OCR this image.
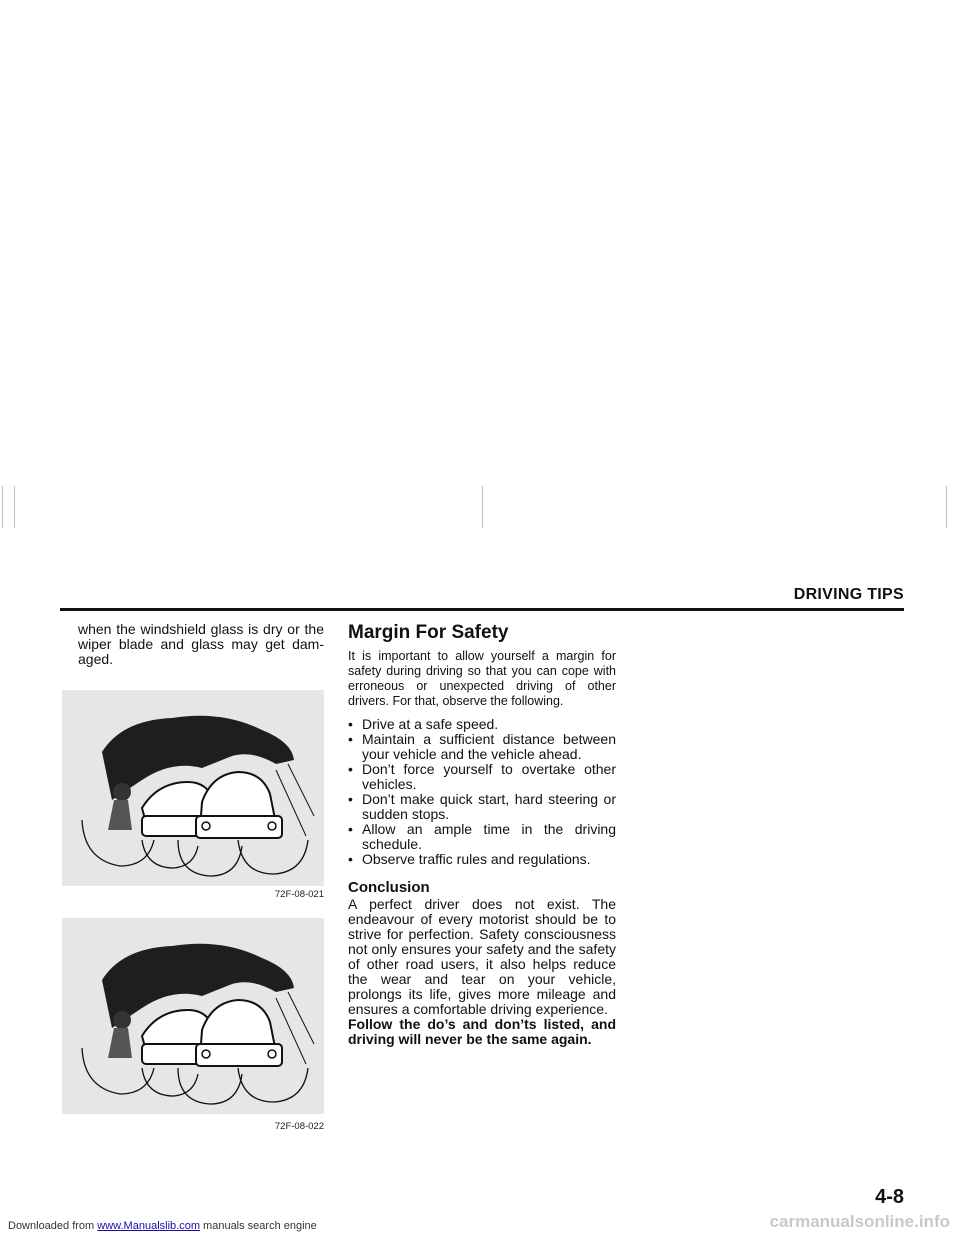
DRIVING TIPS

when the windshield glass is dry or the wiper blade and glass may get dam-aged.

72F-08-021
72F-08-022
Margin For Safety

It is important to allow yourself a margin for safety during driving so that you can cope with erroneous or unexpected driving of other drivers. For that, observe the following.

• Drive at a safe speed.
• Maintain a sufficient distance between your vehicle and the vehicle ahead.
• Don’t force yourself to overtake other vehicles.
• Don’t make quick start, hard steering or sudden stops.
• Allow an ample time in the driving schedule.
• Observe traffic rules and regulations.
Conclusion

A perfect driver does not exist. The endeavour of every motorist should be to strive for perfection. Safety consciousness not only ensures your safety and the safety of other road users, it also helps reduce the wear and tear on your vehicle, prolongs its life, gives more mileage and ensures a comfortable driving experience.

Follow the do’s and don’ts listed, and driving will never be the same again.

4-8
Downloaded from www.Manualslib.com manuals search engine	carmanualsonline.info
